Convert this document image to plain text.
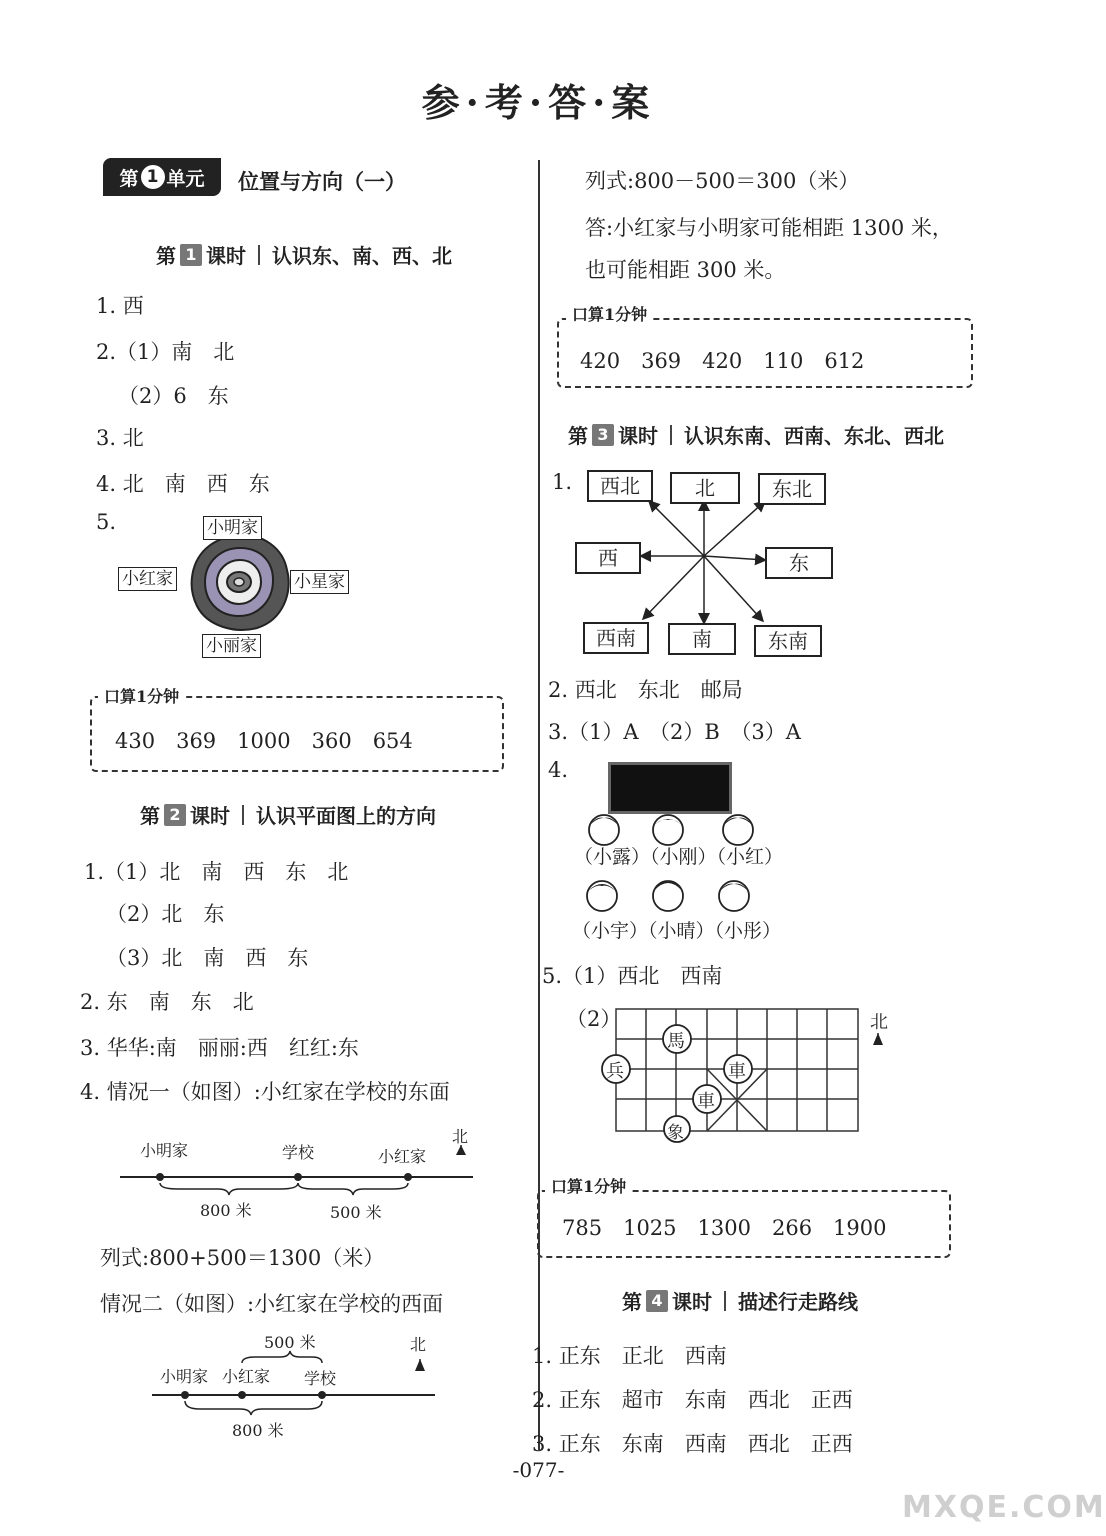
参·考·答·案
第 1 单元 位置与方向（一）
第 1 课时 认识东、南、西、北
1. 西
2.（1）南　北
（2）6　东
3. 北
4. 北　南　西　东
5.	小明家
小红家	小星家
小丽家
口算1分钟
430　369　1000　360　654
第 2 课时 认识平面图上的方向
1.（1）北　南　西　东　北
（2）北　东
（3）北　南　西　东
2. 东　南　东　北
3. 华华:南　丽丽:西　红红:东
4. 情况一（如图）:小红家在学校的东面
小明家	学校	小红家
北
800 米	500 米
列式:800+500＝1300（米）
情况二（如图）:小红家在学校的西面
500 米
小明家 小红家 学校
北
800 米
列式:800－500＝300（米）
答:小红家与小明家可能相距 1300 米，
也可能相距 300 米。
口算1分钟
420　369　420　110　612
第 3 课时 认识东南、西南、东北、西北
1.	西北	北	东北
西	东
西南	南	东南
2. 西北　东北　邮局
3.（1）A　（2）B　（3）A
4.
（小露）（小刚）（小红）
（小宇）（小晴）（小彤）
5.（1）西北　西南
（2）
馬
車
車
兵
象
北
口算1分钟
785　1025　1300　266　1900
第 4 课时 描述行走路线
1. 正东　正北　西南
2. 正东　超市　东南　西北　正西
3. 正东　东南　西南　西北　正西
-077-
MXQE.COM
